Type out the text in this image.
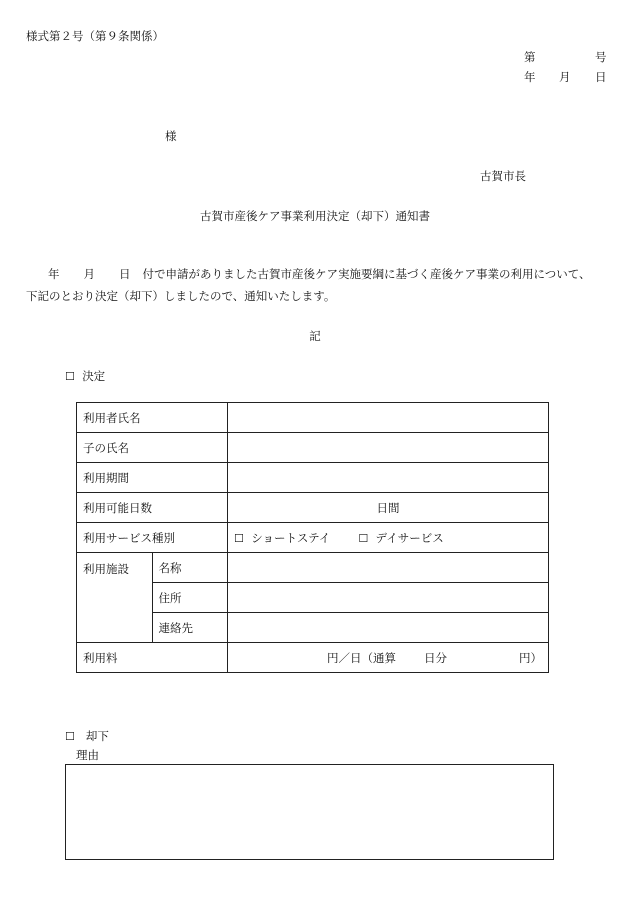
様式第２号（第９条関係）
第	号
年 月 日
様
古賀市長
古賀市産後ケア事業利用決定（却下）通知書
年 月 日 付で申請がありました古賀市産後ケア実施要綱に基づく産後ケア事業の利用について、
下記のとおり決定（却下）しましたので、通知いたします。
記
☐ 決定
利用者氏名		
子の氏名		
利用期間		
利用可能日数		日間
利用サービス種別		☐ ショートステイ ☐ デイサービス
利用施設	名称	
	住所	
	連絡先	
利用料		円／日（通算 日分 円）
☐ 却下
理由
